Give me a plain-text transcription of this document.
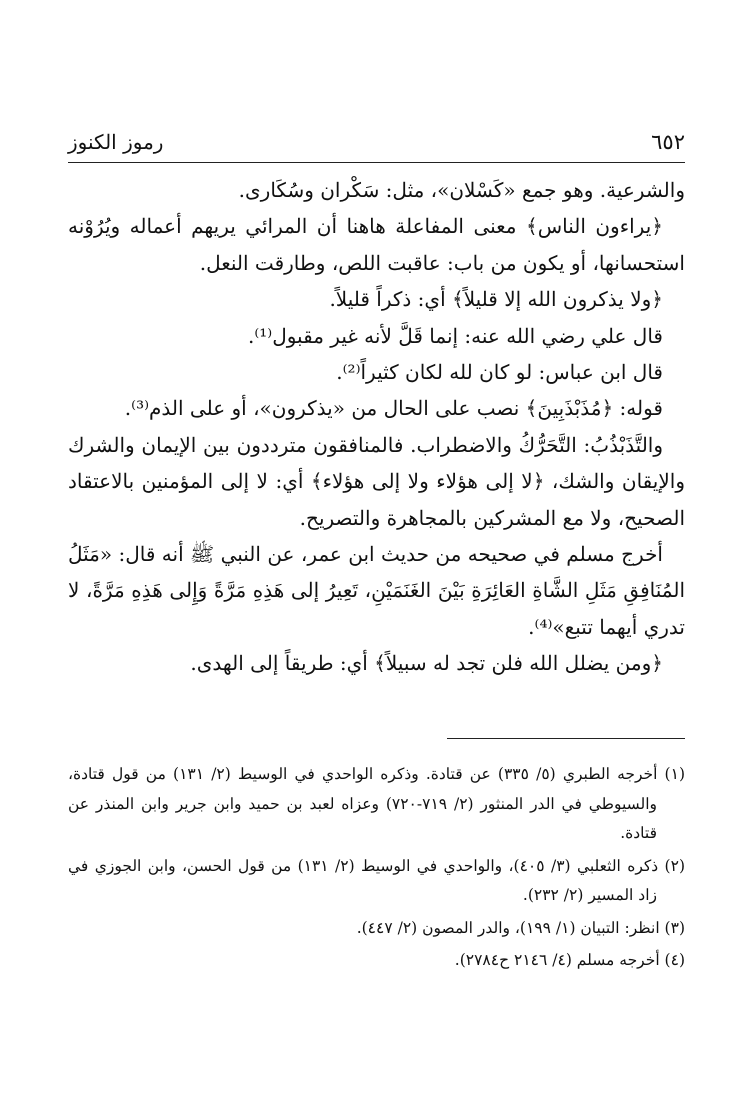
٦٥٢
رموز الكنوز

والشرعية. وهو جمع «كَسْلان»، مثل: سَكْران وسُكَارى.

﴿يراءون الناس﴾ معنى المفاعلة هاهنا أن المرائي يريهم أعماله ويُرُوْنه استحسانها، أو يكون من باب: عاقبت اللص، وطارقت النعل.

﴿ولا يذكرون الله إلا قليلاً﴾ أي: ذكراً قليلاً.

قال علي رضي الله عنه: إنما قَلَّ لأنه غير مقبول⁽¹⁾.

قال ابن عباس: لو كان لله لكان كثيراً⁽²⁾.

قوله: ﴿مُذَبْذَبِينَ﴾ نصب على الحال من «يذكرون»، أو على الذم⁽³⁾.

والتَّذَبْذُبُ: التَّحَرُّكُ والاضطراب. فالمنافقون مترددون بين الإيمان والشرك والإيقان والشك، ﴿لا إلى هؤلاء ولا إلى هؤلاء﴾ أي: لا إلى المؤمنين بالاعتقاد الصحيح، ولا مع المشركين بالمجاهرة والتصريح.

أخرج مسلم في صحيحه من حديث ابن عمر، عن النبي ﷺ أنه قال: «مَثَلُ المُنَافِقِ مَثَلِ الشَّاةِ العَائِرَةِ بَيْنَ الغَنَمَيْنِ، تَعِيرُ إلى هَذِهِ مَرَّةً وَإِلى هَذِهِ مَرَّةً، لا تدري أيهما تتبع»⁽⁴⁾.

﴿ومن يضلل الله فلن تجد له سبيلاً﴾ أي: طريقاً إلى الهدى.

(١) أخرجه الطبري (٥/ ٣٣٥) عن قتادة. وذكره الواحدي في الوسيط (٢/ ١٣١) من قول قتادة، والسيوطي في الدر المنثور (٢/ ٧١٩-٧٢٠) وعزاه لعبد بن حميد وابن جرير وابن المنذر عن قتادة.

(٢) ذكره الثعلبي (٣/ ٤٠٥)، والواحدي في الوسيط (٢/ ١٣١) من قول الحسن، وابن الجوزي في زاد المسير (٢/ ٢٣٢).

(٣) انظر: التبيان (١/ ١٩٩)، والدر المصون (٢/ ٤٤٧).

(٤) أخرجه مسلم (٤/ ٢١٤٦ ح٢٧٨٤).
